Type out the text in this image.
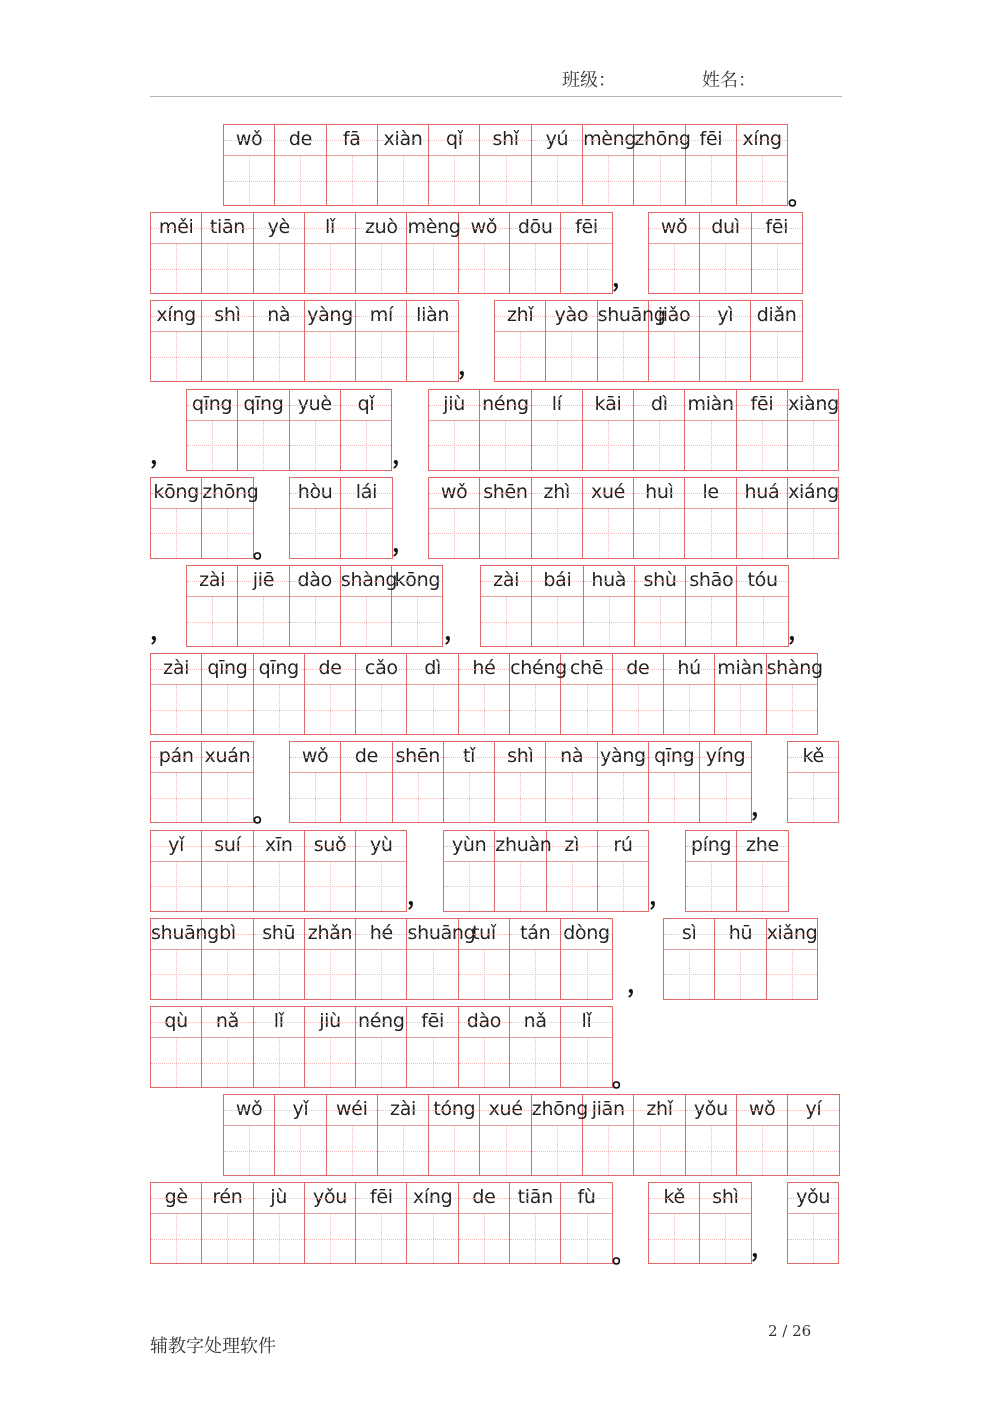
班级：	姓名：
wǒ	de	fā	xiàn	qǐ	shǐ	yú mèng
zhōng fēi	xíng
。
měi tiān	yè	lǐ	zuò mèng wǒ	dōu	fēi	wǒ	duì	fēi
，
xíng shì	nà yàng mí	liàn	zhǐ	yào shuāng
jiǎo	yì	diǎn
，
qīng qīng yuè	qǐ	jiù néng	lí	kāi	dì	miàn fēi xiàng
，	，
kōng zhōng	hòu	lái	wǒ shēn zhì	xué	huì	le	huá xiáng
。	，
zài	jiē	dào shàng
kōng	zài	bái	huà shù shāo tóu
，	，	，
zài qīng qīng	de	cǎo	dì	hé chéng chē	de	hú miàn shàng
pán xuán	wǒ	de shēn	tǐ	shì	nà yàng qīng yíng	kě
。	，
yǐ	suí	xīn	suǒ	yù	yùn zhuàn zì	rú	píng zhe
，	，
shuāng bì	shū zhǎn hé shuāng
tuǐ	tán dòng	sì	hū xiǎng
，
qù	nǎ	lǐ	jiù néng fēi	dào	nǎ	lǐ
。
wǒ	yǐ	wéi	zài tóng xué zhōng jiān	zhǐ	yǒu	wǒ	yí
gè	rén	jù	yǒu	fēi	xíng	de	tiān	fù	kě	shì	yǒu
。	，
辅教字处理软件
2 / 26
